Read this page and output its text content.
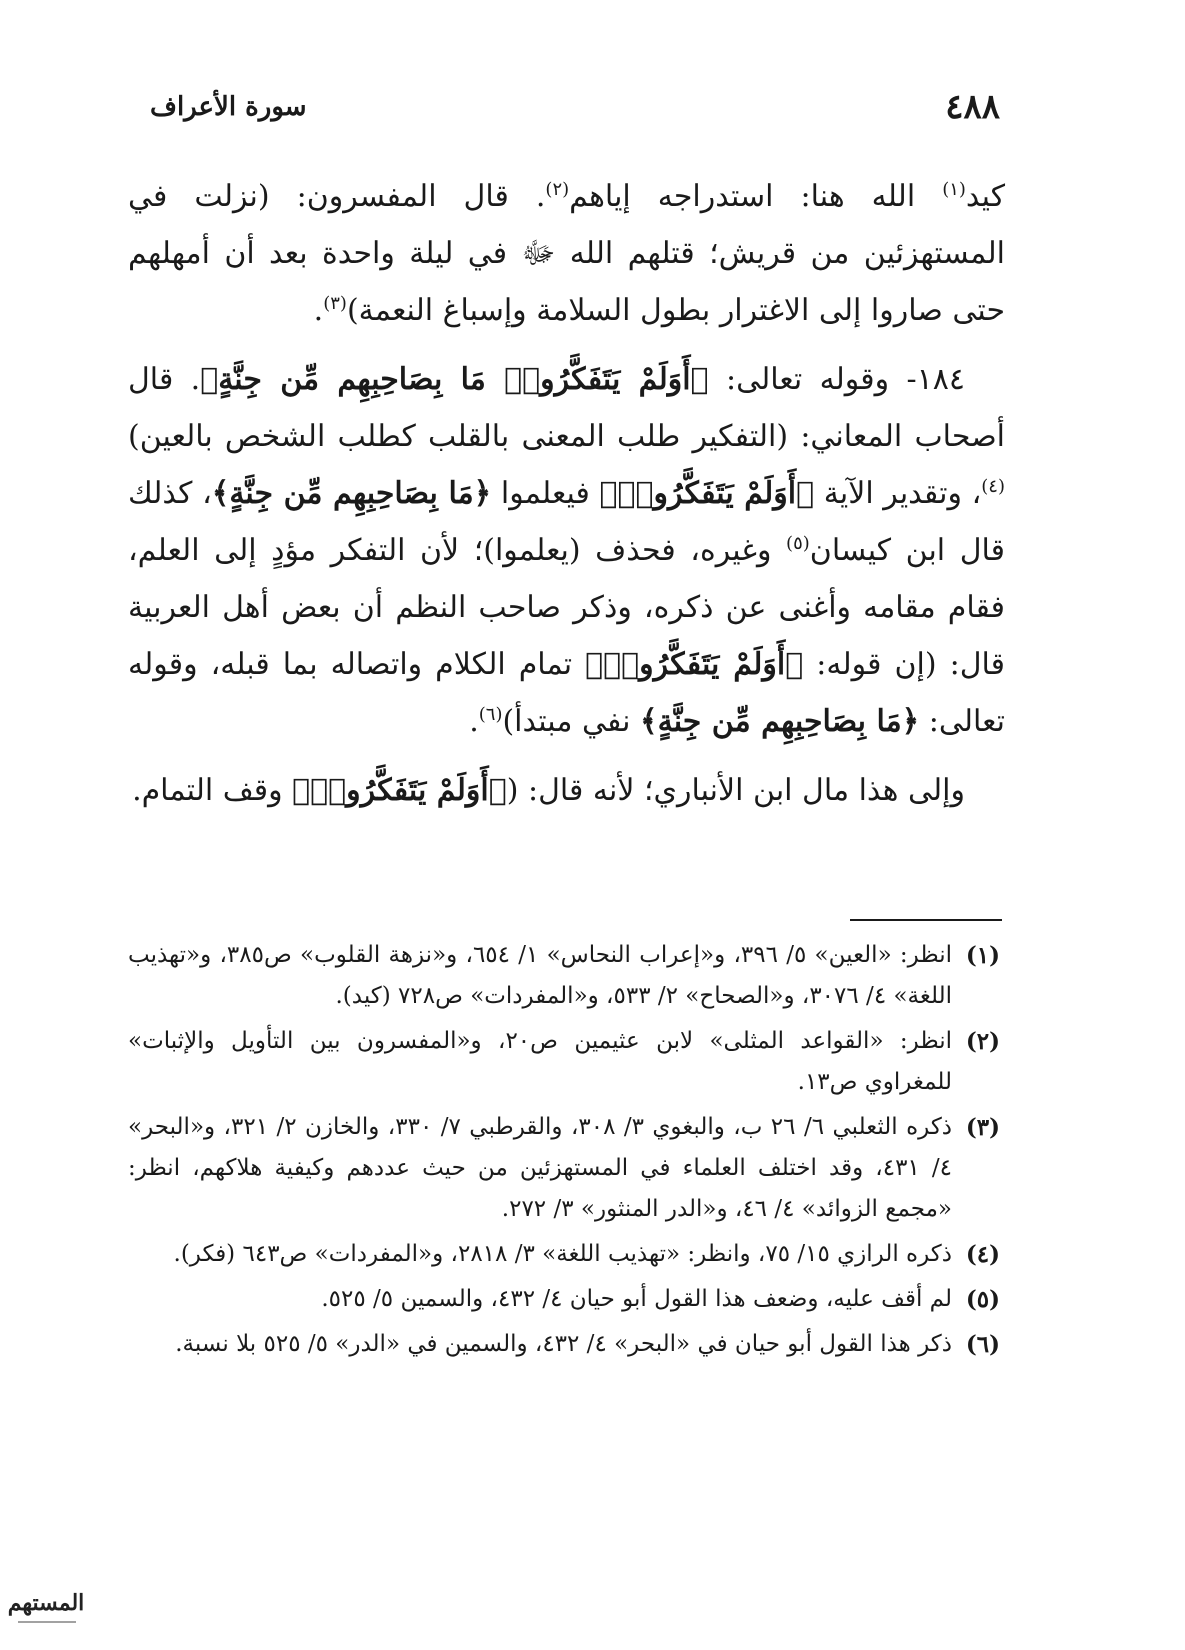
٤٨٨
سورة الأعراف

كيد$^{(١)}$ الله هنا: استدراجه إياهم$^{(٢)}$. قال المفسرون: (نزلت في المستهزئين من قريش؛ قتلهم الله ﷻ في ليلة واحدة بعد أن أمهلهم حتى صاروا إلى الاغترار بطول السلامة وإسباغ النعمة)$^{(٣)}$.

١٨٤- وقوله تعالى: ﴿أَوَلَمْ يَتَفَكَّرُوا۟ مَا بِصَاحِبِهِم مِّن جِنَّةٍ﴾. قال أصحاب المعاني: (التفكير طلب المعنى بالقلب كطلب الشخص بالعين)$^{(٤)}$، وتقدير الآية ﴿أَوَلَمْ يَتَفَكَّرُوا۟﴾ فيعلموا ﴿مَا بِصَاحِبِهِم مِّن جِنَّةٍ﴾، كذلك قال ابن كيسان$^{(٥)}$ وغيره، فحذف (يعلموا)؛ لأن التفكر مؤدٍ إلى العلم، فقام مقامه وأغنى عن ذكره، وذكر صاحب النظم أن بعض أهل العربية قال: (إن قوله: ﴿أَوَلَمْ يَتَفَكَّرُوا۟﴾ تمام الكلام واتصاله بما قبله، وقوله تعالى: ﴿مَا بِصَاحِبِهِم مِّن جِنَّةٍ﴾ نفي مبتدأ)$^{(٦)}$.

وإلى هذا مال ابن الأنباري؛ لأنه قال: (﴿أَوَلَمْ يَتَفَكَّرُوا۟﴾ وقف التمام.

(١)
انظر: «العين» ٥/ ٣٩٦، و«إعراب النحاس» ١/ ٦٥٤، و«نزهة القلوب» ص٣٨٥، و«تهذيب اللغة» ٤/ ٣٠٧٦، و«الصحاح» ٢/ ٥٣٣، و«المفردات» ص٧٢٨ (كيد).
(٢)
انظر: «القواعد المثلى» لابن عثيمين ص٢٠، و«المفسرون بين التأويل والإثبات» للمغراوي ص١٣.
(٣)
ذكره الثعلبي ٦/ ٢٦ ب، والبغوي ٣/ ٣٠٨، والقرطبي ٧/ ٣٣٠، والخازن ٢/ ٣٢١، و«البحر» ٤/ ٤٣١، وقد اختلف العلماء في المستهزئين من حيث عددهم وكيفية هلاكهم، انظر: «مجمع الزوائد» ٤/ ٤٦، و«الدر المنثور» ٣/ ٢٧٢.
(٤)
ذكره الرازي ١٥/ ٧٥، وانظر: «تهذيب اللغة» ٣/ ٢٨١٨، و«المفردات» ص٦٤٣ (فكر).
(٥)
لم أقف عليه، وضعف هذا القول أبو حيان ٤/ ٤٣٢، والسمين ٥/ ٥٢٥.
(٦)
ذكر هذا القول أبو حيان في «البحر» ٤/ ٤٣٢، والسمين في «الدر» ٥/ ٥٢٥ بلا نسبة.
المستهم
